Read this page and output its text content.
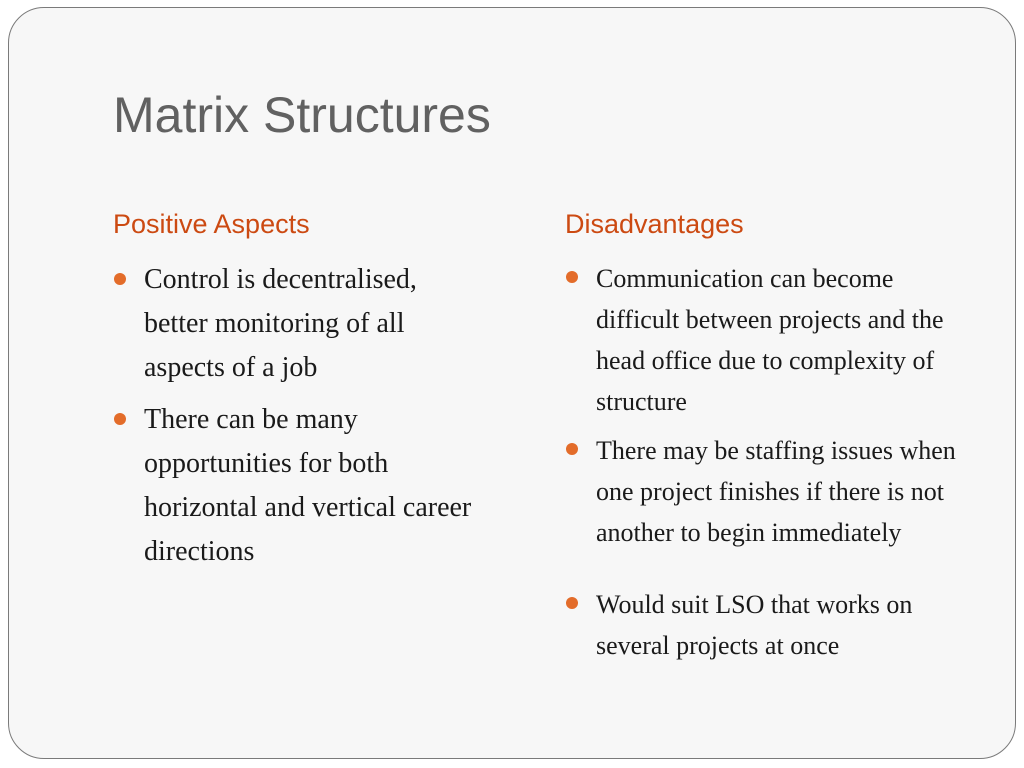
Matrix Structures
Positive Aspects	Disadvantages
Control is decentralised, better monitoring of all aspects of a job
There can be many opportunities for both horizontal and vertical career directions
Communication can become difficult between projects and the head office due to complexity of structure
There may be staffing issues when one project finishes if there is not another to begin immediately
Would suit LSO that works on several projects at once
